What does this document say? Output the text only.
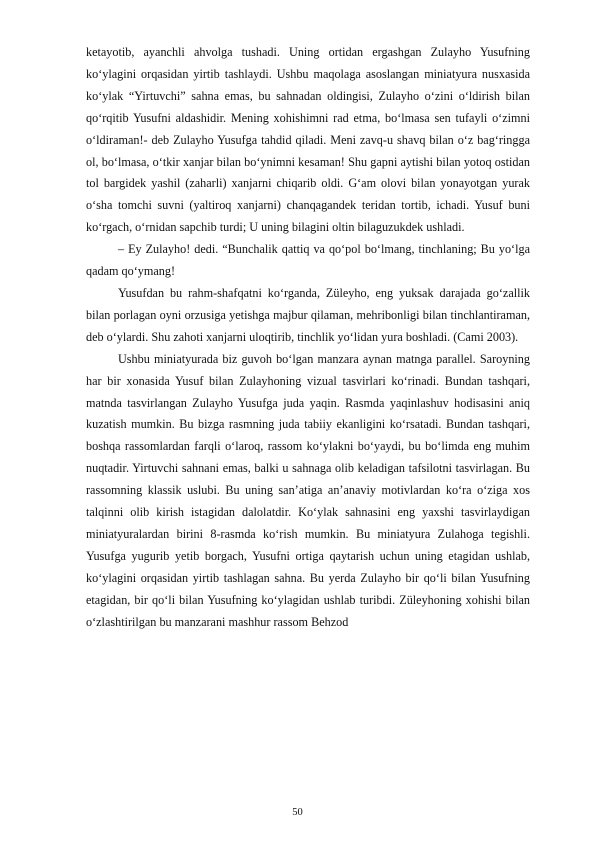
ketayotib, ayanchli ahvolga tushadi. Uning ortidan ergashgan Zulayho Yusufning ko‘ylagini orqasidan yirtib tashlaydi. Ushbu maqolaga asoslangan miniatyura nusxasida ko‘ylak “Yirtuvchi” sahna emas, bu sahnadan oldingisi, Zulayho o‘zini o‘ldirish bilan qo‘rqitib Yusufni aldashidir. Mening xohishimni rad etma, bo‘lmasa sen tufayli o‘zimni o‘ldiraman!- deb Zulayho Yusufga tahdid qiladi. Meni zavq-u shavq bilan o‘z bag‘ringga ol, bo‘lmasa, o‘tkir xanjar bilan bo‘ynimni kesaman! Shu gapni aytishi bilan yotoq ostidan tol bargidek yashil (zaharli) xanjarni chiqarib oldi. G‘am olovi bilan yonayotgan yurak o‘sha tomchi suvni (yaltiroq xanjarni) chanqagandek teridan tortib, ichadi. Yusuf buni ko‘rgach, o‘rnidan sapchib turdi; U uning bilagini oltin bilaguzukdek ushladi.

– Ey Zulayho! dedi. “Bunchalik qattiq va qo‘pol bo‘lmang, tinchlaning; Bu yo‘lga qadam qo‘ymang!

Yusufdan bu rahm-shafqatni ko‘rganda, Züleyho, eng yuksak darajada go‘zallik bilan porlagan oyni orzusiga yetishga majbur qilaman, mehribonligi bilan tinchlantiraman, deb o‘ylardi. Shu zahoti xanjarni uloqtirib, tinchlik yo‘lidan yura boshladi. (Cami 2003).

Ushbu miniatyurada biz guvoh bo‘lgan manzara aynan matnga parallel. Saroyning har bir xonasida Yusuf bilan Zulayhoning vizual tasvirlari ko‘rinadi. Bundan tashqari, matnda tasvirlangan Zulayho Yusufga juda yaqin. Rasmda yaqinlashuv hodisasini aniq kuzatish mumkin. Bu bizga rasmning juda tabiiy ekanligini ko‘rsatadi. Bundan tashqari, boshqa rassomlardan farqli o‘laroq, rassom ko‘ylakni bo‘yaydi, bu bo‘limda eng muhim nuqtadir. Yirtuvchi sahnani emas, balki u sahnaga olib keladigan tafsilotni tasvirlagan. Bu rassomning klassik uslubi. Bu uning san’atiga an’anaviy motivlardan ko‘ra o‘ziga xos talqinni olib kirish istagidan dalolatdir. Ko‘ylak sahnasini eng yaxshi tasvirlaydigan miniatyuralardan birini 8-rasmda ko‘rish mumkin. Bu miniatyura Zulahoga tegishli. Yusufga yugurib yetib borgach, Yusufni ortiga qaytarish uchun uning etagidan ushlab, ko‘ylagini orqasidan yirtib tashlagan sahna. Bu yerda Zulayho bir qo‘li bilan Yusufning etagidan, bir qo‘li bilan Yusufning ko‘ylagidan ushlab turibdi. Züleyhoning xohishi bilan o‘zlashtirilgan bu manzarani mashhur rassom Behzod

50
